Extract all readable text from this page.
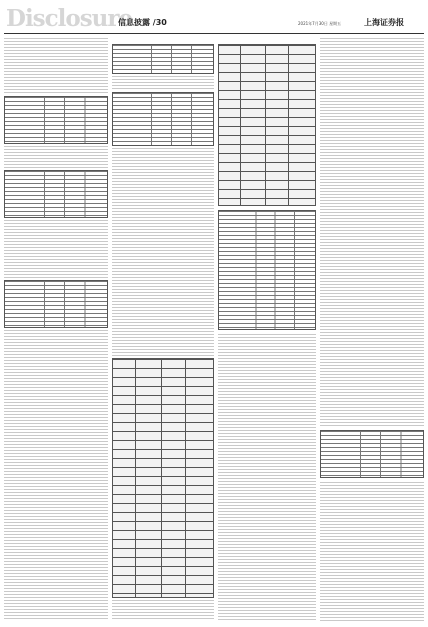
Disclosure
信息披露 /30	2021年7月30日 星期五	上海证券报
